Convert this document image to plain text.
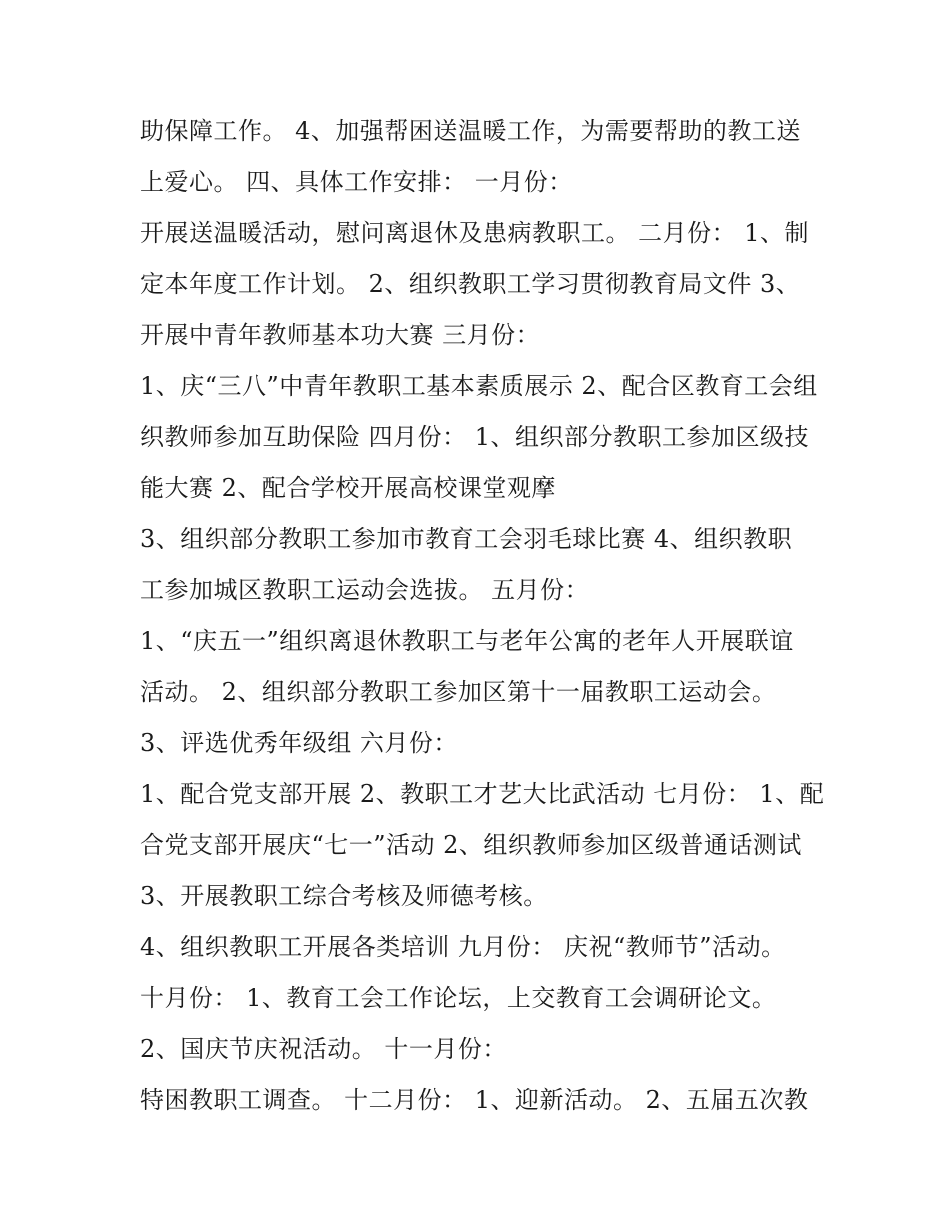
助保障工作。 4、加强帮困送温暖工作，为需要帮助的教工送
上爱心。 四、具体工作安排： 一月份：
开展送温暖活动，慰问离退休及患病教职工。 二月份： 1、制
定本年度工作计划。 2、组织教职工学习贯彻教育局文件 3、
开展中青年教师基本功大赛 三月份：
1、庆“三八”中青年教职工基本素质展示 2、配合区教育工会组
织教师参加互助保险 四月份： 1、组织部分教职工参加区级技
能大赛 2、配合学校开展高校课堂观摩
3、组织部分教职工参加市教育工会羽毛球比赛 4、组织教职
工参加城区教职工运动会选拔。 五月份：
1、“庆五一”组织离退休教职工与老年公寓的老年人开展联谊
活动。 2、组织部分教职工参加区第十一届教职工运动会。
3、评选优秀年级组 六月份：
1、配合党支部开展 2、教职工才艺大比武活动 七月份： 1、配
合党支部开展庆“七一”活动 2、组织教师参加区级普通话测试
3、开展教职工综合考核及师德考核。
4、组织教职工开展各类培训 九月份： 庆祝“教师节”活动。
十月份： 1、教育工会工作论坛，上交教育工会调研论文。
2、国庆节庆祝活动。 十一月份：
特困教职工调查。 十二月份： 1、迎新活动。 2、五届五次教
